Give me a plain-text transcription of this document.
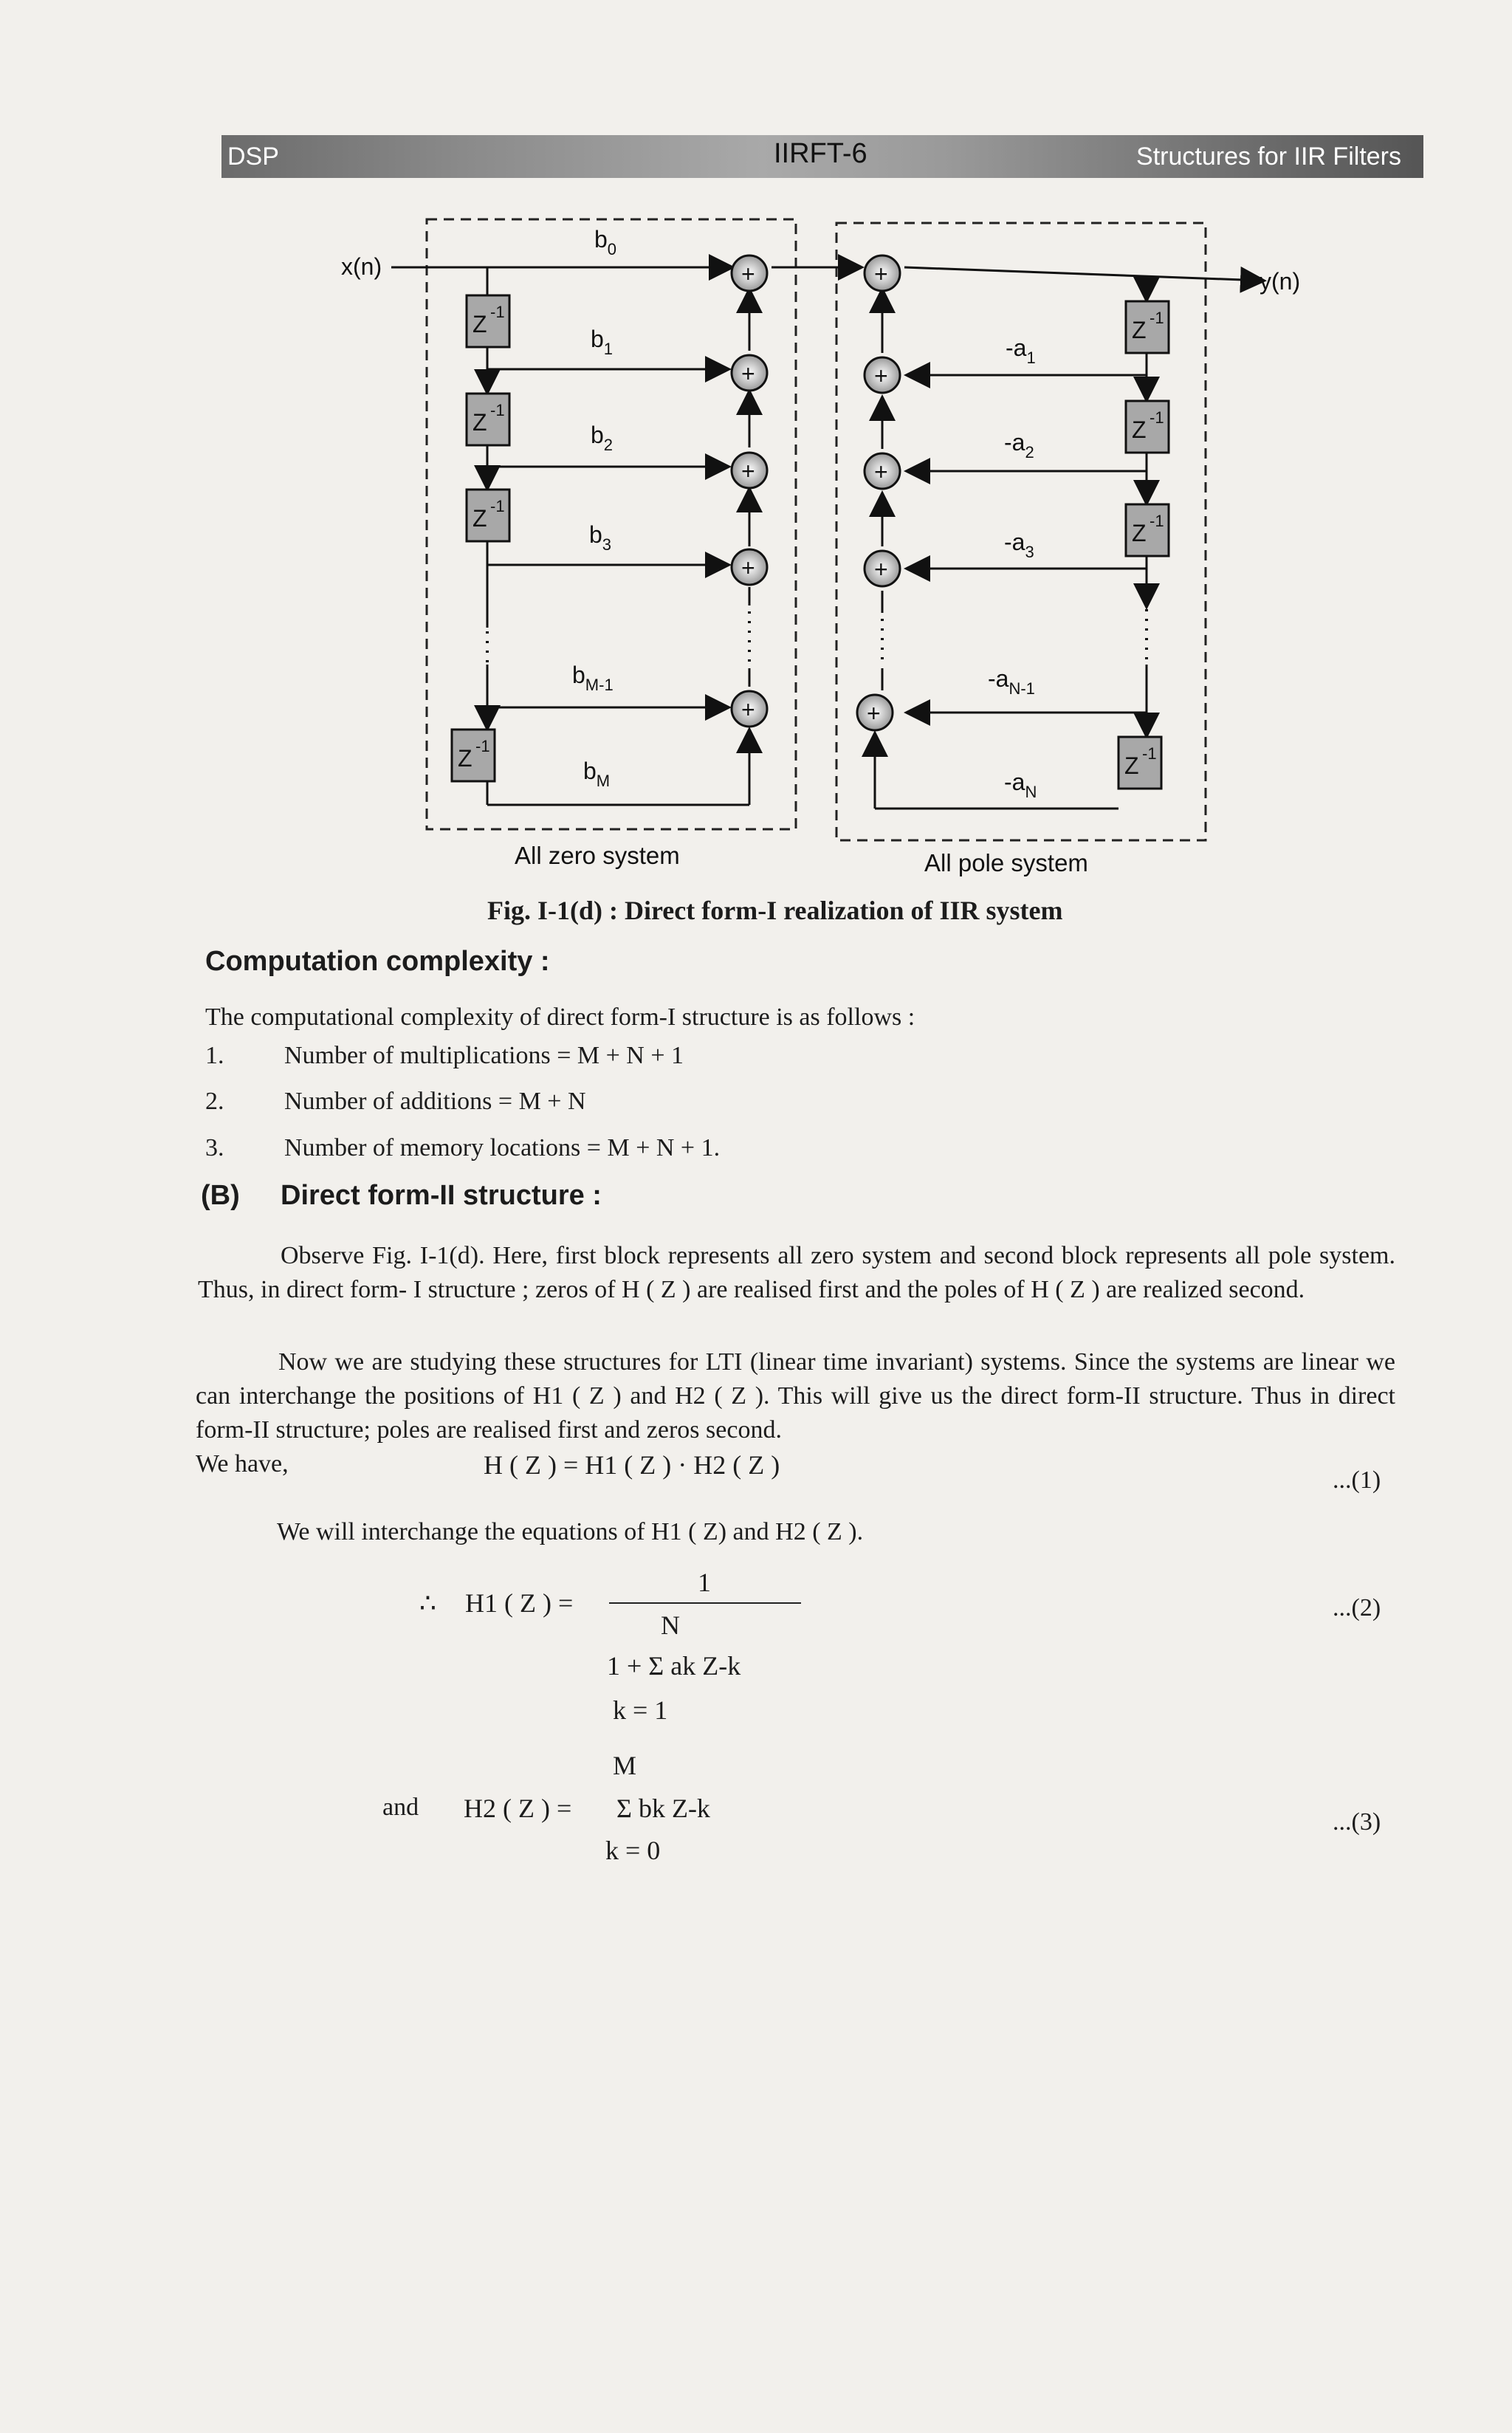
DSP	IIRFT-6	Structures for IIR Filters
Z -1
Z -1
Z -1
Z -1
Z -1
Z -1
Z -1
Z -1
+
+
+
+
+
+
+
+
+
+
x(n)
y(n)
$b_0$
$b_1$
$b_2$
$b_3$
$b_{M-1}$
$b_M$
$-a_1$
$-a_2$
$-a_3$
$-a_{N-1}$
$-a_N$
All zero system	All pole system
Fig. I-1(d) : Direct form-I realization of IIR system
Computation complexity :
The computational complexity of direct form-I structure is as follows :
1. Number of multiplications = M + N + 1
2. Number of additions = M + N
3. Number of memory locations = M + N + 1.
(B) Direct form-II structure :
Observe Fig. I-1(d). Here, first block represents all zero system and second block represents all pole system. Thus, in direct form- I structure ; zeros of H ( Z ) are realised first and the poles of H ( Z ) are realized second.
Now we are studying these structures for LTI (linear time invariant) systems. Since the systems are linear we can interchange the positions of H1 ( Z ) and H2 ( Z ). This will give us the direct form-II structure. Thus in direct form-II structure; poles are realised first and zeros second.
We have,	H ( Z ) = H1 ( Z ) · H2 ( Z )
...(1)
We will interchange the equations of H1 ( Z) and H2 ( Z ).
∴ H1 ( Z ) =
1
N
1 + Σ ak Z-k
k = 1
...(2)
M
and H2 ( Z ) = Σ bk Z-k
k = 0
...(3)
